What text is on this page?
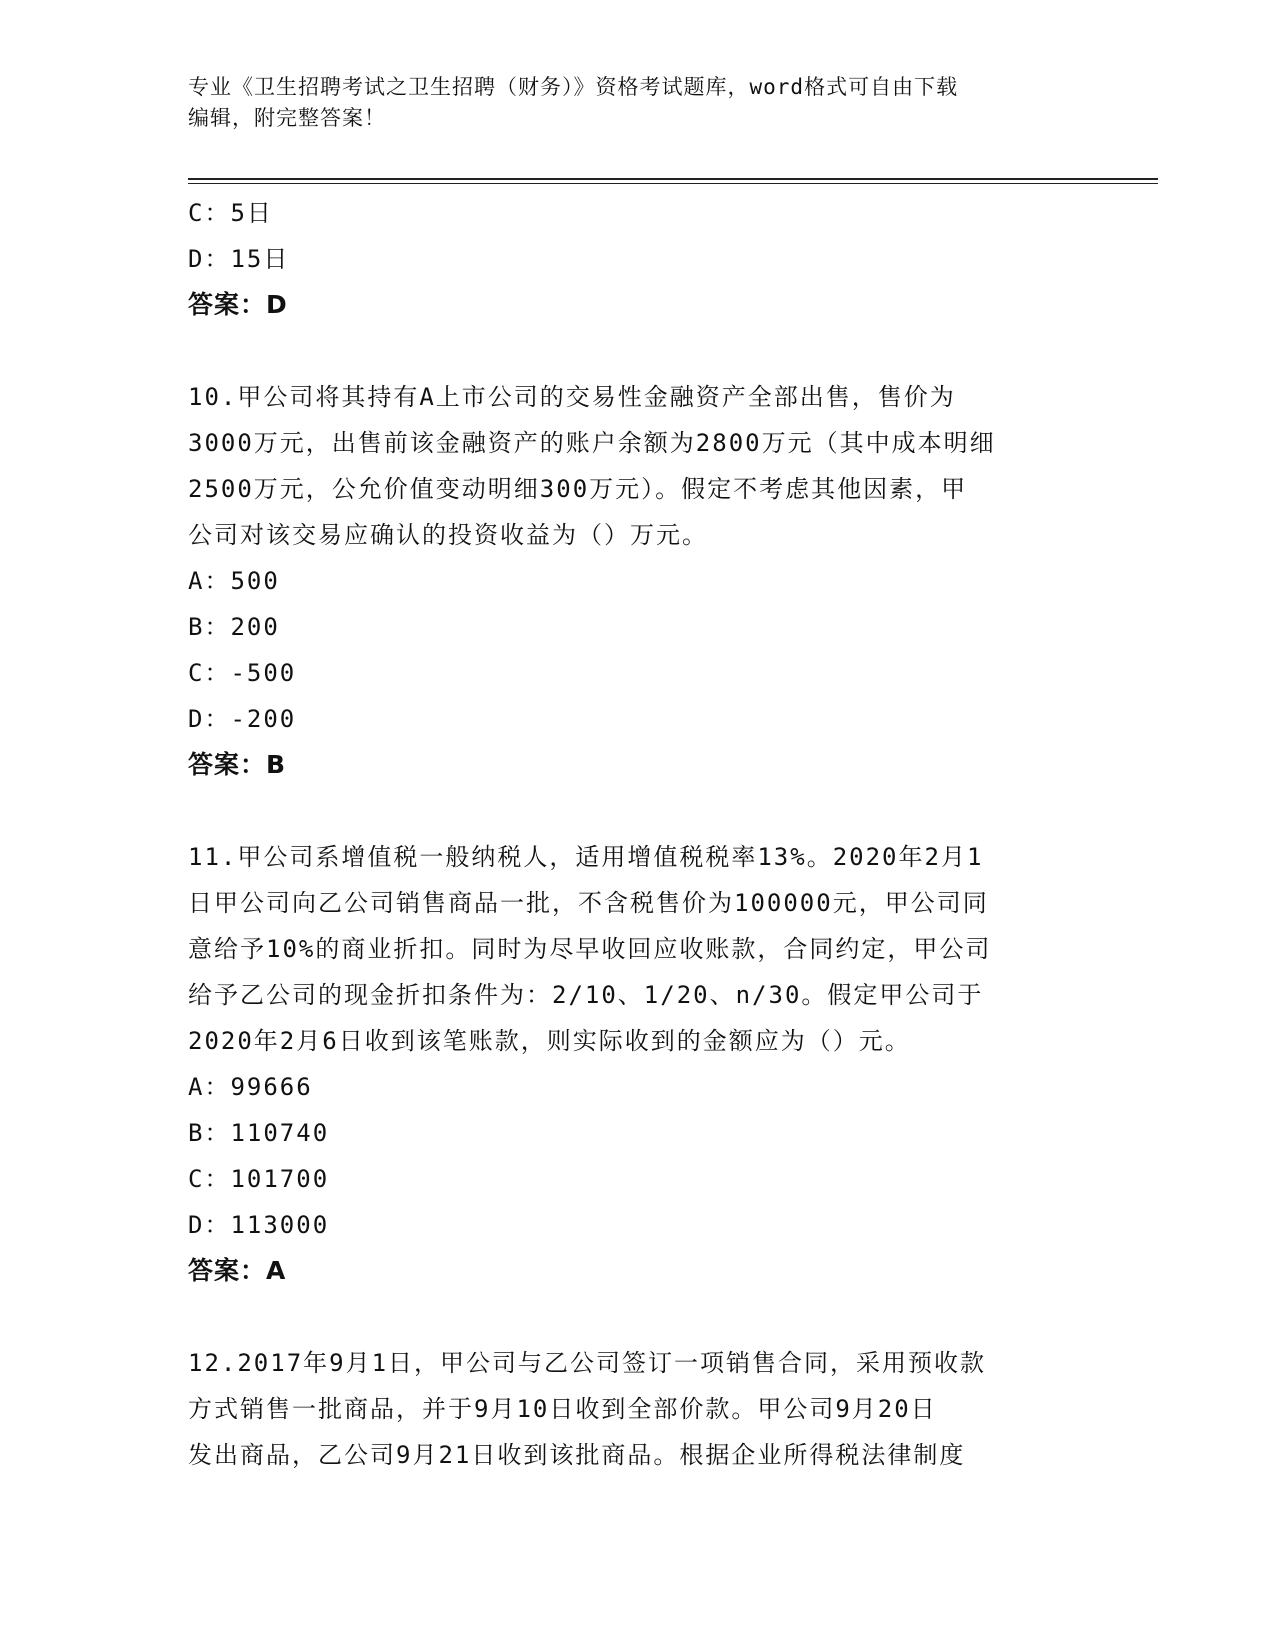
专业《卫生招聘考试之卫生招聘（财务）》资格考试题库，word格式可自由下载
编辑，附完整答案！
C：5日
D：15日
答案：D
10.甲公司将其持有A上市公司的交易性金融资产全部出售，售价为
3000万元，出售前该金融资产的账户余额为2800万元（其中成本明细
2500万元，公允价值变动明细300万元）。假定不考虑其他因素，甲
公司对该交易应确认的投资收益为（）万元。
A：500
B：200
C：-500
D：-200
答案：B
11.甲公司系增值税一般纳税人，适用增值税税率13%。2020年2月1
日甲公司向乙公司销售商品一批，不含税售价为100000元，甲公司同
意给予10%的商业折扣。同时为尽早收回应收账款，合同约定，甲公司
给予乙公司的现金折扣条件为：2/10、1/20、n/30。假定甲公司于
2020年2月6日收到该笔账款，则实际收到的金额应为（）元。
A：99666
B：110740
C：101700
D：113000
答案：A
12.2017年9月1日，甲公司与乙公司签订一项销售合同，采用预收款
方式销售一批商品，并于9月10日收到全部价款。甲公司9月20日
发出商品，乙公司9月21日收到该批商品。根据企业所得税法律制度
